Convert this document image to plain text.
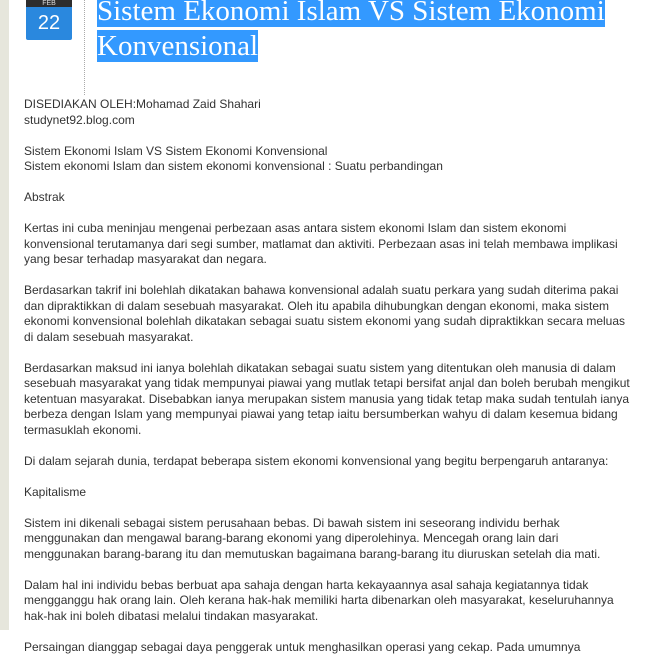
FEB
22	Sistem Ekonomi Islam VS Sistem Ekonomi Konvensional

DISEDIAKAN OLEH:Mohamad Zaid Shahari
studynet92.blog.com

Sistem Ekonomi Islam VS Sistem Ekonomi Konvensional
Sistem ekonomi Islam dan sistem ekonomi konvensional : Suatu perbandingan

Abstrak

Kertas ini cuba meninjau mengenai perbezaan asas antara sistem ekonomi Islam dan sistem ekonomi konvensional terutamanya dari segi sumber, matlamat dan aktiviti. Perbezaan asas ini telah membawa implikasi yang besar terhadap masyarakat dan negara.

Berdasarkan takrif ini bolehlah dikatakan bahawa konvensional adalah suatu perkara yang sudah diterima pakai dan dipraktikkan di dalam sesebuah masyarakat. Oleh itu apabila dihubungkan dengan ekonomi, maka sistem ekonomi konvensional bolehlah dikatakan sebagai suatu sistem ekonomi yang sudah dipraktikkan secara meluas di dalam sesebuah masyarakat.

Berdasarkan maksud ini ianya bolehlah dikatakan sebagai suatu sistem yang ditentukan oleh manusia di dalam sesebuah masyarakat yang tidak mempunyai piawai yang mutlak tetapi bersifat anjal dan boleh berubah mengikut ketentuan masyarakat. Disebabkan ianya merupakan sistem manusia yang tidak tetap maka sudah tentulah ianya berbeza dengan Islam yang mempunyai piawai yang tetap iaitu bersumberkan wahyu di dalam kesemua bidang termasuklah ekonomi.

Di dalam sejarah dunia, terdapat beberapa sistem ekonomi konvensional yang begitu berpengaruh antaranya:

Kapitalisme

Sistem ini dikenali sebagai sistem perusahaan bebas. Di bawah sistem ini seseorang individu berhak menggunakan dan mengawal barang-barang ekonomi yang diperolehinya. Mencegah orang lain dari menggunakan barang-barang itu dan memutuskan bagaimana barang-barang itu diuruskan setelah dia mati.

Dalam hal ini individu bebas berbuat apa sahaja dengan harta kekayaannya asal sahaja kegiatannya tidak mengganggu hak orang lain. Oleh kerana hak-hak memiliki harta dibenarkan oleh masyarakat, keseluruhannya hak-hak ini boleh dibatasi melalui tindakan masyarakat.

Persaingan dianggap sebagai daya penggerak untuk menghasilkan operasi yang cekap. Pada umumnya
